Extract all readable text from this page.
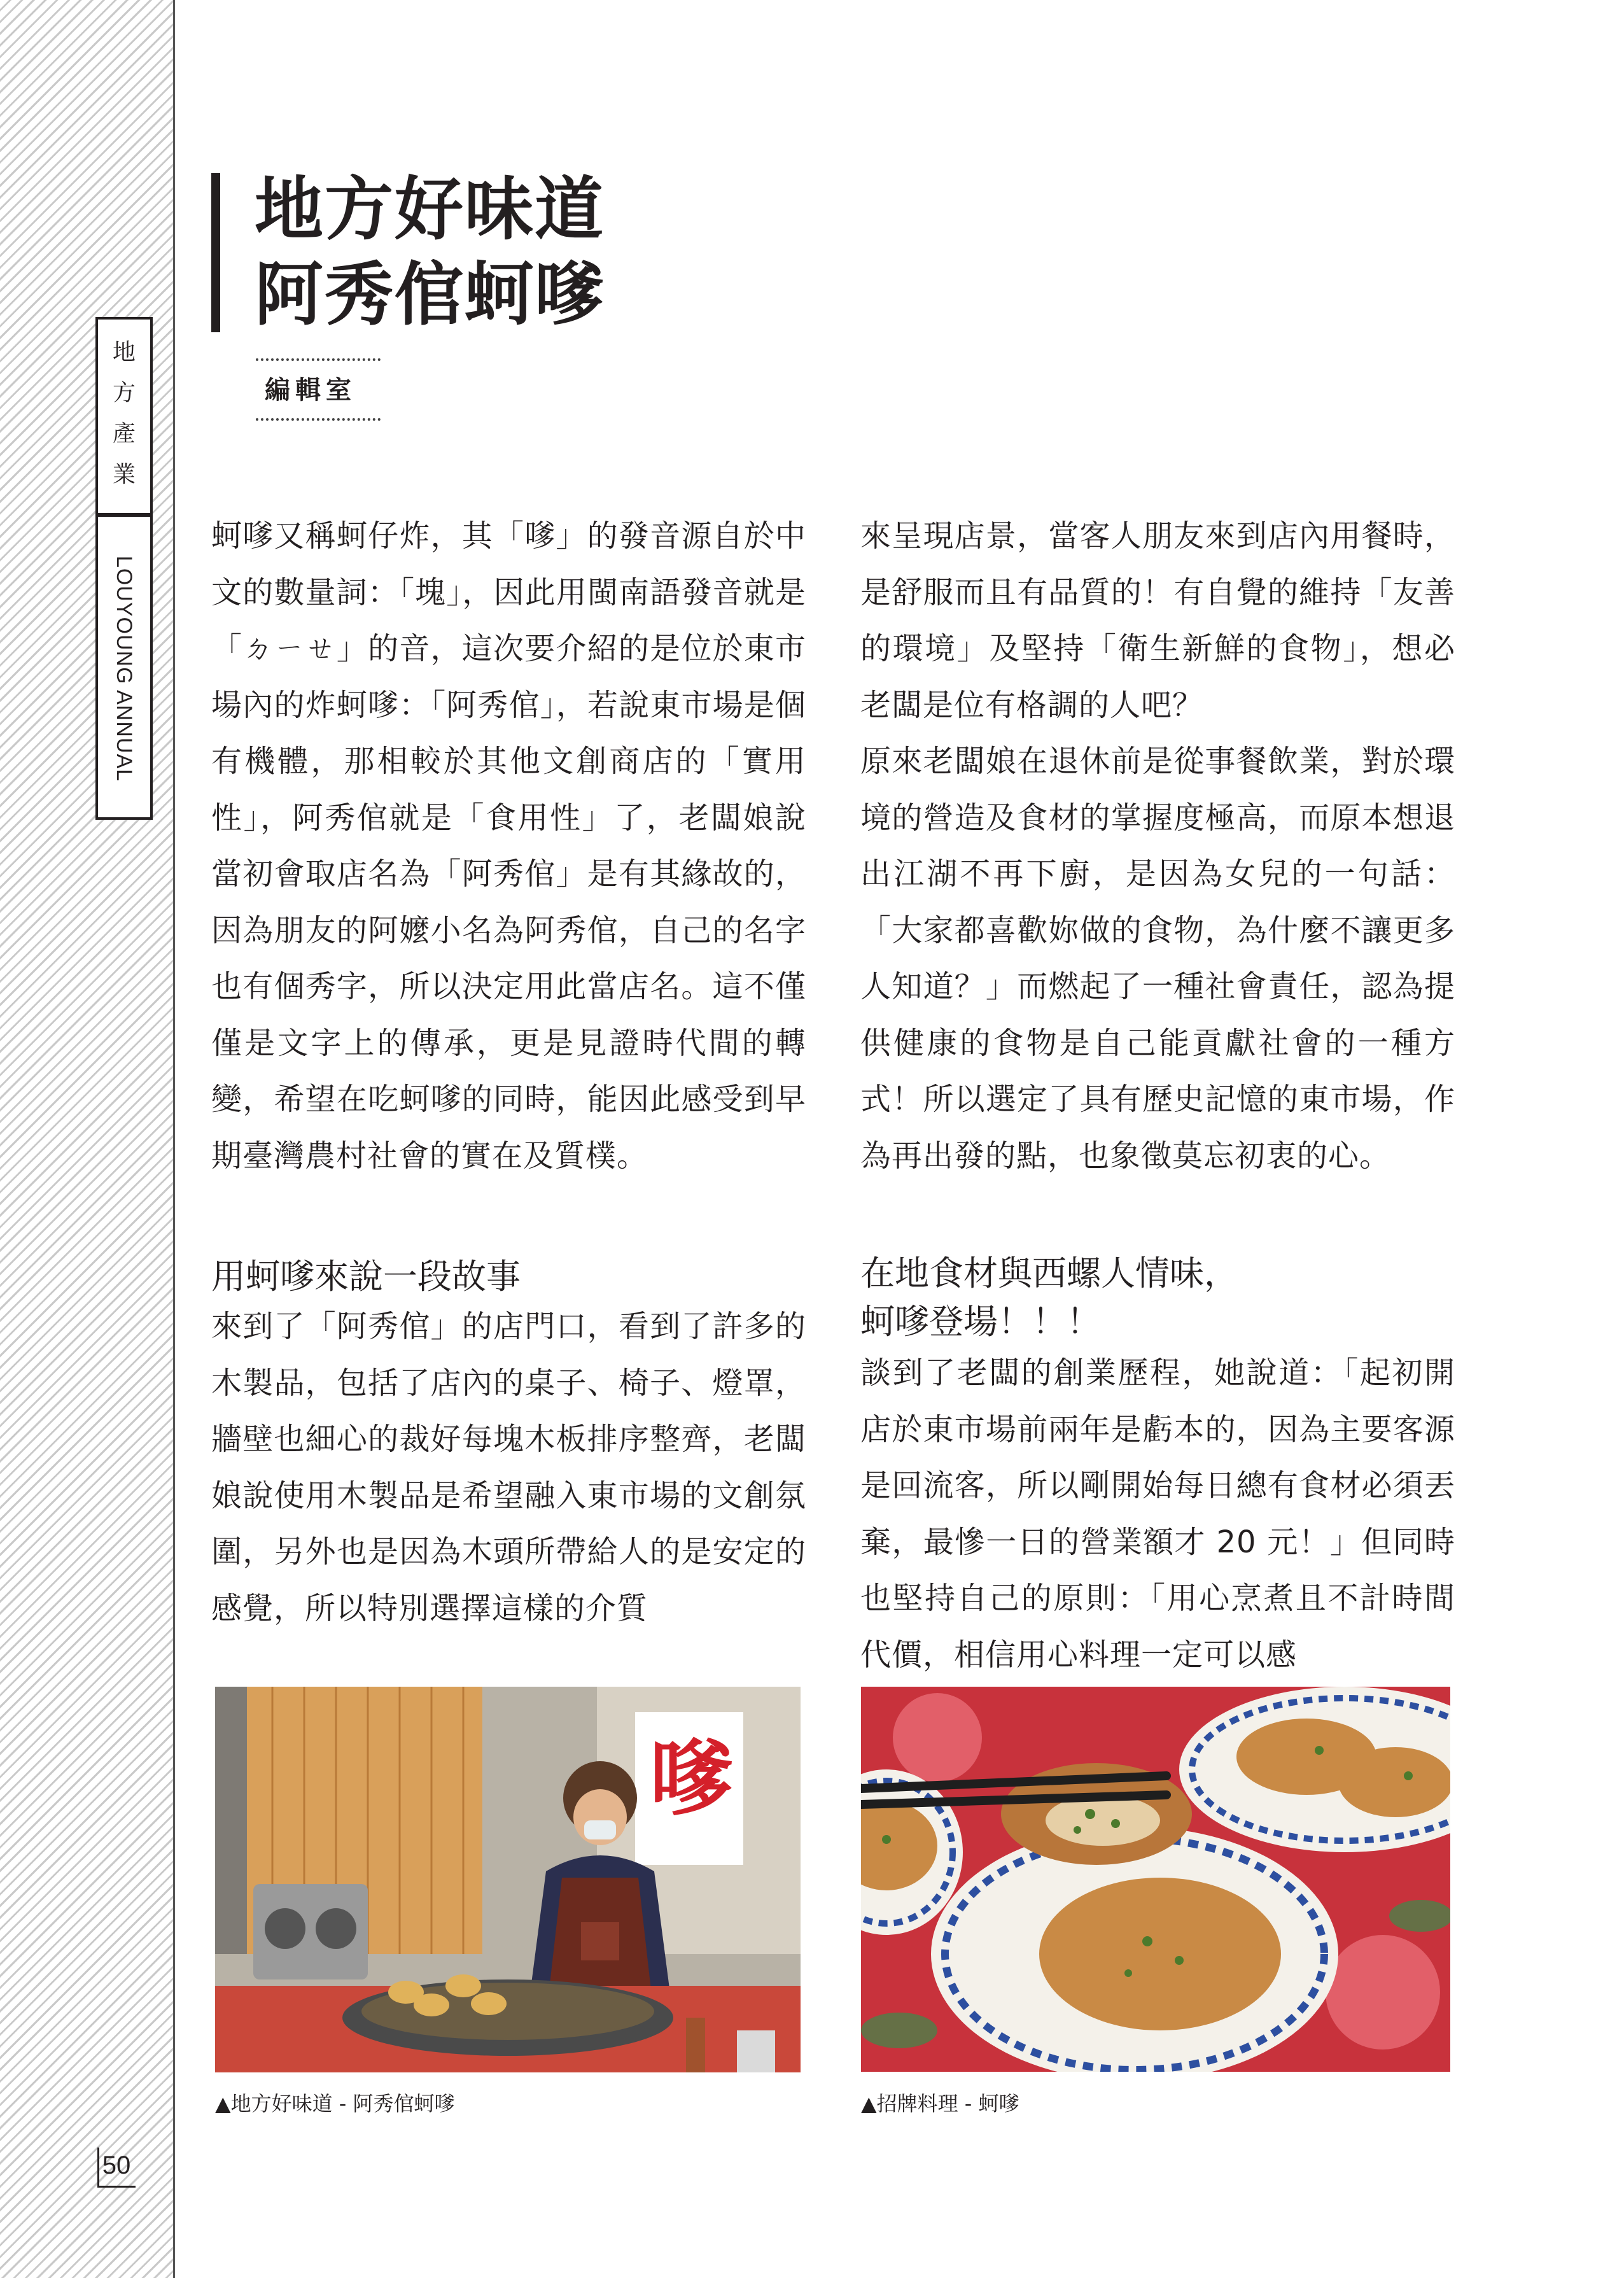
地
方
產
業
LOUYOUNG ANNUAL
50
地方好味道
阿秀倌蚵嗲
編輯室

蚵嗲又稱蚵仔炸，其「嗲」的發音源自於中文的數量詞：「塊」，因此用閩南語發音就是「ㄉㄧㄝ」的音，這次要介紹的是位於東市場內的炸蚵嗲：「阿秀倌」，若說東市場是個有機體，那相較於其他文創商店的「實用性」，阿秀倌就是「食用性」了，老闆娘說當初會取店名為「阿秀倌」是有其緣故的，因為朋友的阿嬤小名為阿秀倌，自己的名字也有個秀字，所以決定用此當店名。這不僅僅是文字上的傳承，更是見證時代間的轉變，希望在吃蚵嗲的同時，能因此感受到早期臺灣農村社會的實在及質樸。

用蚵嗲來說一段故事

來到了「阿秀倌」的店門口，看到了許多的木製品，包括了店內的桌子、椅子、燈罩，牆壁也細心的裁好每塊木板排序整齊，老闆娘說使用木製品是希望融入東市場的文創氛圍，另外也是因為木頭所帶給人的是安定的感覺，所以特別選擇這樣的介質

嗲
▲地方好味道 - 阿秀倌蚵嗲

來呈現店景，當客人朋友來到店內用餐時，是舒服而且有品質的！有自覺的維持「友善的環境」及堅持「衛生新鮮的食物」，想必老闆是位有格調的人吧？

原來老闆娘在退休前是從事餐飲業，對於環境的營造及食材的掌握度極高，而原本想退出江湖不再下廚，是因為女兒的一句話：「大家都喜歡妳做的食物，為什麼不讓更多人知道？」而燃起了一種社會責任，認為提供健康的食物是自己能貢獻社會的一種方式！所以選定了具有歷史記憶的東市場，作為再出發的點，也象徵莫忘初衷的心。

在地食材與西螺人情味，
蚵嗲登場！！！

談到了老闆的創業歷程，她說道：「起初開店於東市場前兩年是虧本的，因為主要客源是回流客，所以剛開始每日總有食材必須丟棄，最慘一日的營業額才 20 元！」但同時也堅持自己的原則：「用心烹煮且不計時間代價，相信用心料理一定可以感

▲招牌料理 - 蚵嗲
